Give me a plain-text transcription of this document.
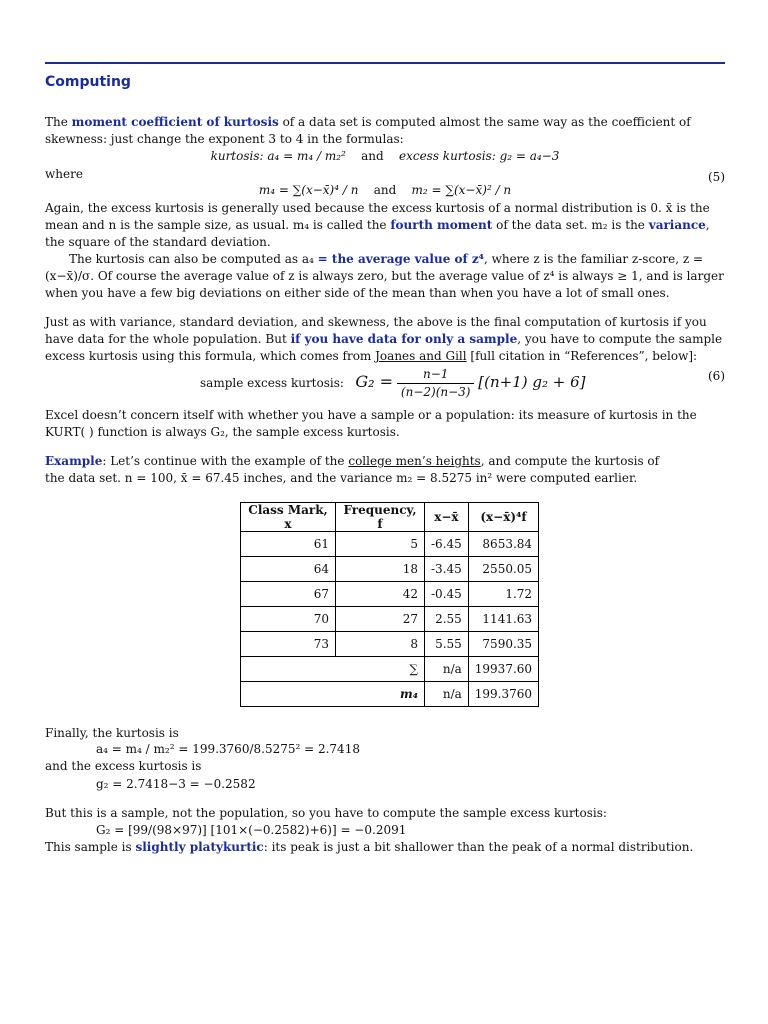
Computing

The moment coefficient of kurtosis of a data set is computed almost the same way as the coefficient of skewness: just change the exponent 3 to 4 in the formulas:

kurtosis: a₄ = m₄ / m₂² and excess kurtosis: g₂ = a₄−3
where
m₄ = ∑(x−x̄)⁴ / n and m₂ = ∑(x−x̄)² / n
(5)

Again, the excess kurtosis is generally used because the excess kurtosis of a normal distribution is 0. x̄ is the mean and n is the sample size, as usual. m₄ is called the fourth moment of the data set. m₂ is the variance, the square of the standard deviation.

The kurtosis can also be computed as a₄ = the average value of z⁴, where z is the familiar z-score, z = (x−x̄)/σ. Of course the average value of z is always zero, but the average value of z⁴ is always ≥ 1, and is larger when you have a few big deviations on either side of the mean than when you have a lot of small ones.

Just as with variance, standard deviation, and skewness, the above is the final computation of kurtosis if you have data for the whole population. But if you have data for only a sample, you have to compute the sample excess kurtosis using this formula, which comes from Joanes and Gill [full citation in “References”, below]:

sample excess kurtosis: $G_2 = \frac{n-1}{(n-2)(n-3)} [(n+1) g_2 + 6]$	(6)

Excel doesn’t concern itself with whether you have a sample or a population: its measure of kurtosis in the KURT( ) function is always G₂, the sample excess kurtosis.

Example: Let’s continue with the example of the college men’s heights, and compute the kurtosis of the data set. n = 100, x̄ = 67.45 inches, and the variance m₂ = 8.5275 in² were computed earlier.

Class Mark, x	Frequency, f	x−x̄	(x−x̄)⁴f
61	5	-6.45	8653.84
64	18	-3.45	2550.05
67	42	-0.45	1.72
70	27	2.55	1141.63
73	8	5.55	7590.35
∑		n/a	19937.60
m₄		n/a	199.3760
Finally, the kurtosis is
a₄ = m₄ / m₂² = 199.3760/8.5275² = 2.7418
and the excess kurtosis is
g₂ = 2.7418−3 = −0.2582
But this is a sample, not the population, so you have to compute the sample excess kurtosis:
G₂ = [99/(98×97)] [101×(−0.2582)+6)] = −0.2091
This sample is slightly platykurtic: its peak is just a bit shallower than the peak of a normal distribution.
